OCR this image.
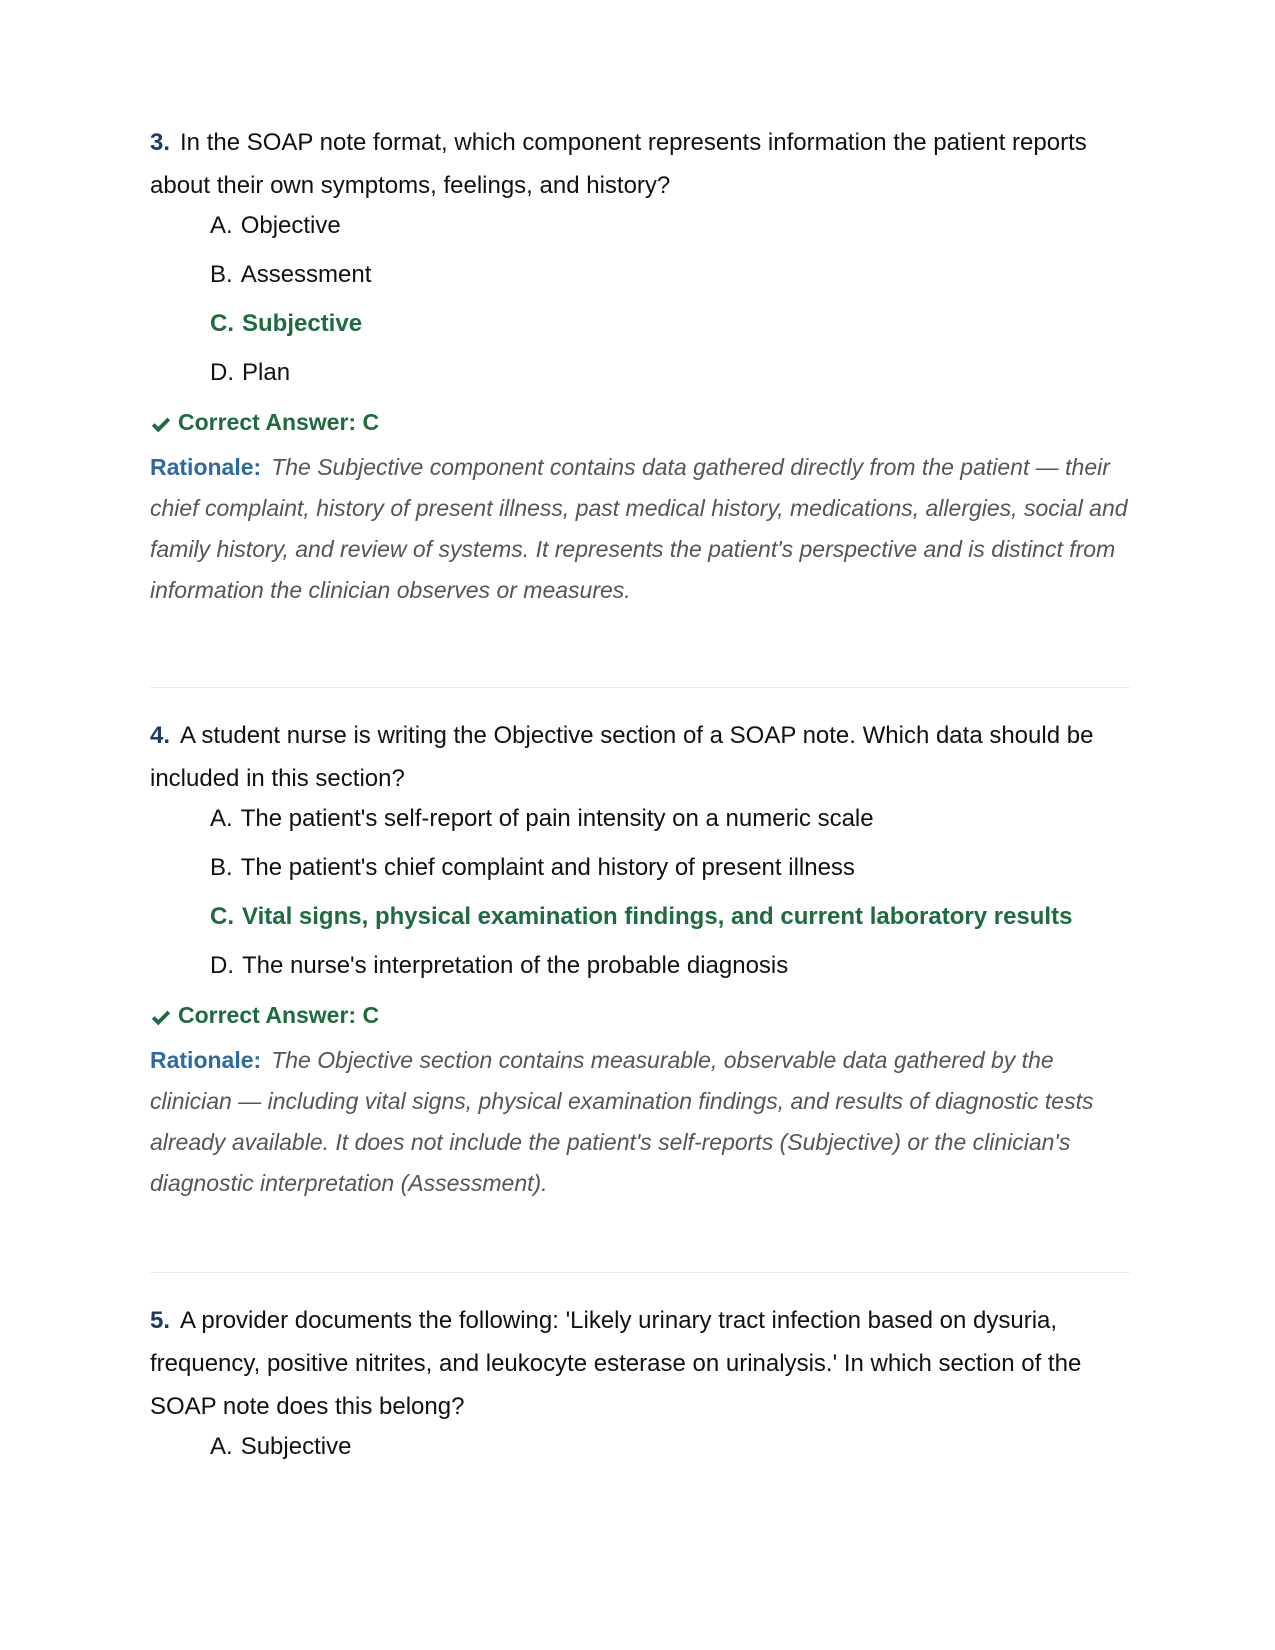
3. In the SOAP note format, which component represents information the patient reports about their own symptoms, feelings, and history?

A. Objective
B. Assessment
C. Subjective
D. Plan
Correct Answer: C

Rationale: The Subjective component contains data gathered directly from the patient — their chief complaint, history of present illness, past medical history, medications, allergies, social and family history, and review of systems. It represents the patient's perspective and is distinct from information the clinician observes or measures.

4. A student nurse is writing the Objective section of a SOAP note. Which data should be included in this section?

A. The patient's self-report of pain intensity on a numeric scale
B. The patient's chief complaint and history of present illness
C. Vital signs, physical examination findings, and current laboratory results
D. The nurse's interpretation of the probable diagnosis
Correct Answer: C

Rationale: The Objective section contains measurable, observable data gathered by the clinician — including vital signs, physical examination findings, and results of diagnostic tests already available. It does not include the patient's self-reports (Subjective) or the clinician's diagnostic interpretation (Assessment).

5. A provider documents the following: 'Likely urinary tract infection based on dysuria, frequency, positive nitrites, and leukocyte esterase on urinalysis.' In which section of the SOAP note does this belong?

A. Subjective
